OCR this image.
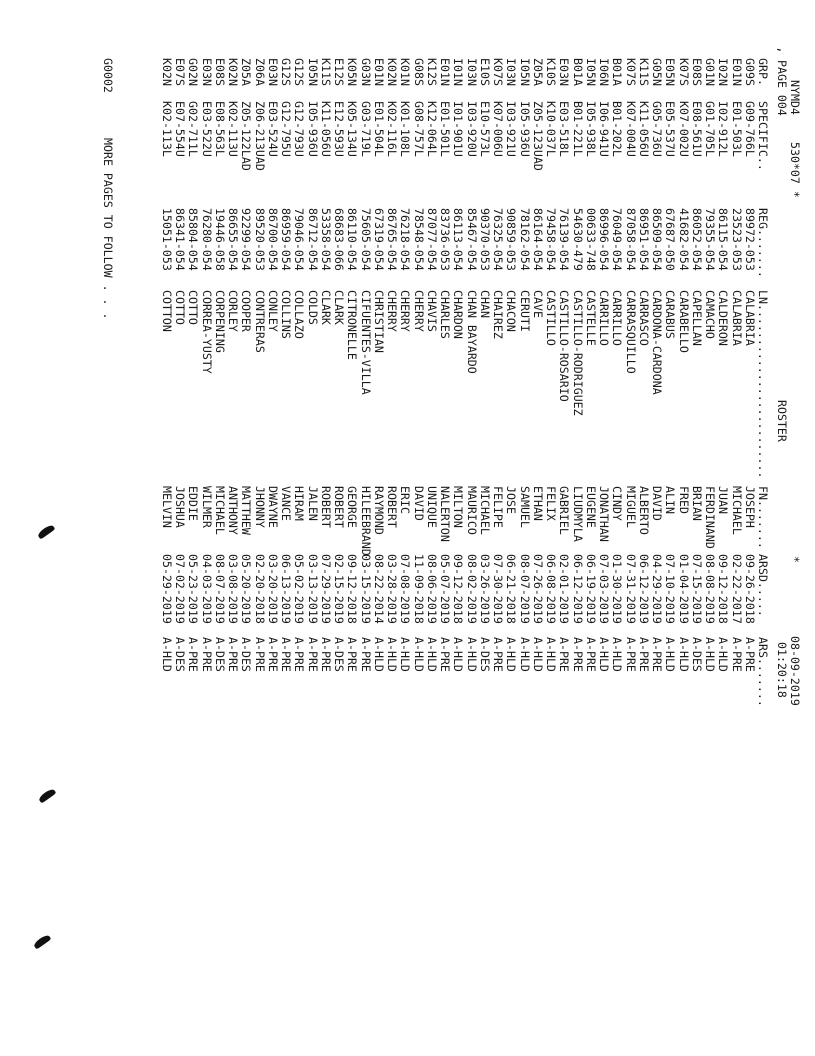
NYMD4
530*07 *
PAGE 004
ROSTER
*
08-09-2019
01:20:18
ʼ
GRP.
SPECIFIC..
REG.......
LN.........................
FN.......
ARSD.....
ARS.......
G09S
G09-766L
89972-053
CALABRIA
JOSEPH
09-26-2018
A-PRE
E01N
E01-503L
23523-053
CALABRIA
MICHAEL
02-22-2017
A-PRE
I02N
I02-912L
86115-054
CALDERON
JUAN
09-12-2018
A-HLD
G01N
G01-705L
79355-054
CAMACHO
FERDINAND
08-08-2019
A-HLD
E08S
E08-561U
86052-054
CAPELLAN
BRIAN
07-15-2019
A-DES
K07S
K07-002U
41682-054
CARABELLO
FRED
01-04-2019
A-HLD
E05N
E05-537U
67687-050
CARABUS
ALIN
07-10-2019
A-HLD
G05N
G05-736U
86509-054
CARDONA-CARDONA
DAVID
04-29-2019
A-PRE
K11S
K11-056U
86951-054
CARRASCO
ALBERTO
06-12-2019
A-PRE
K07S
K07-004U
87058-054
CARRASQUILLO
MIGUEL
07-31-2019
A-PRE
B01A
B01-202L
76049-054
CARRILLO
CINDY
01-30-2019
A-HLD
I06N
I06-941U
86996-054
CARRILLO
JONATHAN
07-03-2019
A-HLD
I05N
I05-938L
00633-748
CASTELLE
EUGENE
06-19-2019
A-PRE
B01A
B01-221L
54630-479
CASTILLO-RODRIGUEZ
LIUDMYLA
06-12-2019
A-PRE
E03N
E03-518L
76139-054
CASTILLO-ROSARIO
GABRIEL
02-01-2019
A-PRE
K10S
K10-037L
79458-054
CASTILLO
FELIX
06-08-2019
A-HLD
Z05A
Z05-123UAD
86164-054
CAVE
ETHAN
07-26-2019
A-HLD
I05N
I05-936U
78162-054
CERUTI
SAMUEL
08-07-2019
A-HLD
I03N
I03-921U
90859-053
CHACON
JOSE
06-21-2018
A-HLD
K07S
K07-006U
76325-054
CHAIREZ
FELIPE
07-30-2019
A-PRE
E10S
E10-573L
90370-053
CHAN
MICHAEL
03-26-2019
A-DES
I03N
I03-920U
85467-054
CHAN BAYARDO
MAURICO
08-02-2019
A-HLD
I01N
I01-901U
86113-054
CHARDON
MILTON
09-12-2018
A-HLD
E01N
E01-501L
83736-053
CHARLES
NALERTON
05-07-2019
A-PRE
K12S
K12-064L
87077-054
CHAVIS
UNIQUE
08-06-2019
A-HLD
G08S
G08-757L
78548-054
CHERRY
DAVID
11-09-2018
A-HLD
K01N
K01-108L
76218-054
CHERRY
ERIC
07-08-2019
A-HLD
K02N
K02-116L
86765-054
CHERRY
ROBERT
03-28-2019
A-HLD
E01N
E01-504L
67319-054
CHRISTIAN
RAYMOND
08-22-2014
A-HLD
G03N
G03-719L
75605-054
CIFUENTES-VILLA
HILEEBRAND
03-15-2019
A-PRE
K05N
K05-134U
86110-054
CITRONELLE
GEORGE
09-12-2018
A-PRE
E12S
E12-593U
68683-066
CLARK
ROBERT
02-15-2019
A-DES
K11S
K11-056U
53358-054
CLARK
ROBERT
07-29-2019
A-PRE
I05N
I05-936U
86712-054
COLDS
JALEN
03-13-2019
A-PRE
G12S
G12-793U
79046-054
COLLAZO
HIRAM
05-02-2019
A-PRE
G12S
G12-795U
86959-054
COLLINS
VANCE
06-13-2019
A-PRE
E03N
E03-524U
86700-054
CONLEY
DWAYNE
03-20-2019
A-PRE
Z06A
Z06-213UAD
89520-053
CONTRERAS
JHONNY
02-20-2018
A-PRE
Z05A
Z05-122LAD
92299-054
COOPER
MATTHEW
05-20-2019
A-DES
K02N
K02-113U
86655-054
CORLEY
ANTHONY
03-08-2019
A-PRE
E08S
E08-563L
19446-058
CORPENING
MICHAEL
08-07-2019
A-DES
E03N
E03-522U
76280-054
CORREA-YUSTY
WILMER
04-03-2019
A-PRE
G02N
G02-711L
85804-054
COTTO
EDDIE
05-23-2019
A-PRE
E07S
E07-554U
86341-054
COTTO
JOSHUA
07-02-2019
A-DES
K02N
K02-113L
15051-053
COTTON
MELVIN
05-29-2019
A-HLD
G0002
MORE PAGES TO FOLLOW . . .
